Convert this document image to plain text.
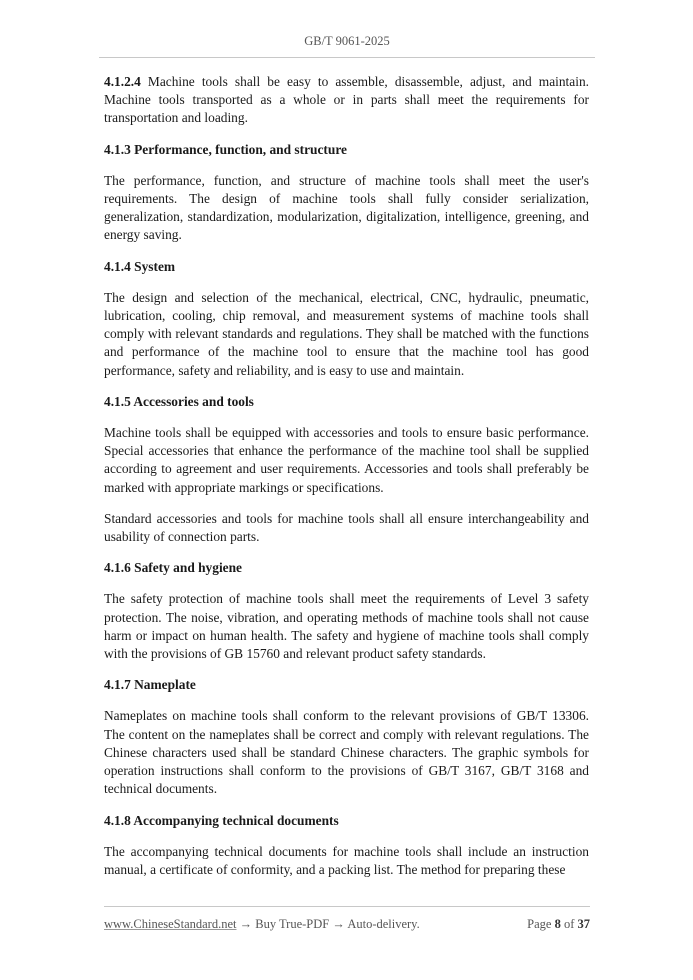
GB/T 9061-2025

4.1.2.4 Machine tools shall be easy to assemble, disassemble, adjust, and maintain. Machine tools transported as a whole or in parts shall meet the requirements for transportation and loading.

4.1.3 Performance, function, and structure

The performance, function, and structure of machine tools shall meet the user's requirements. The design of machine tools shall fully consider serialization, generalization, standardization, modularization, digitalization, intelligence, greening, and energy saving.

4.1.4 System

The design and selection of the mechanical, electrical, CNC, hydraulic, pneumatic, lubrication, cooling, chip removal, and measurement systems of machine tools shall comply with relevant standards and regulations. They shall be matched with the functions and performance of the machine tool to ensure that the machine tool has good performance, safety and reliability, and is easy to use and maintain.

4.1.5 Accessories and tools

Machine tools shall be equipped with accessories and tools to ensure basic performance. Special accessories that enhance the performance of the machine tool shall be supplied according to agreement and user requirements. Accessories and tools shall preferably be marked with appropriate markings or specifications.

Standard accessories and tools for machine tools shall all ensure interchangeability and usability of connection parts.

4.1.6 Safety and hygiene

The safety protection of machine tools shall meet the requirements of Level 3 safety protection. The noise, vibration, and operating methods of machine tools shall not cause harm or impact on human health. The safety and hygiene of machine tools shall comply with the provisions of GB 15760 and relevant product safety standards.

4.1.7 Nameplate

Nameplates on machine tools shall conform to the relevant provisions of GB/T 13306. The content on the nameplates shall be correct and comply with relevant regulations. The Chinese characters used shall be standard Chinese characters. The graphic symbols for operation instructions shall conform to the provisions of GB/T 3167, GB/T 3168 and technical documents.

4.1.8 Accompanying technical documents

The accompanying technical documents for machine tools shall include an instruction manual, a certificate of conformity, and a packing list. The method for preparing these

www.ChineseStandard.net → Buy True-PDF → Auto-delivery.	Page 8 of 37
